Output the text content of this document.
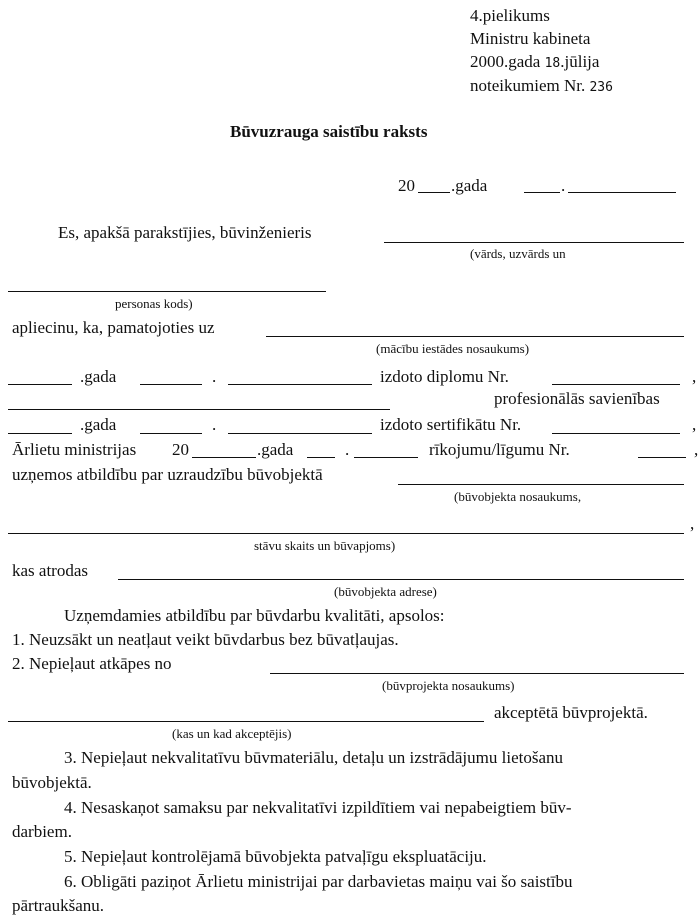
4.pielikums
Ministru kabineta
2000.gada 18.jūlija
noteikumiem Nr. 236
Būvuzrauga saistību raksts
20 .gada	.
Es, apakšā parakstījies, būvinženieris
(vārds, uzvārds un
personas kods)
apliecinu, ka, pamatojoties uz
(mācību iestādes nosaukums)
.gada	.	izdoto diplomu Nr.	,
profesionālās savienības
.gada	.	izdoto sertifikātu Nr.	,
Ārlietu ministrijas 20	.gada	.	rīkojumu/līgumu Nr.	,
uzņemos atbildību par uzraudzību būvobjektā
(būvobjekta nosaukums,
,
stāvu skaits un būvapjoms)
kas atrodas
(būvobjekta adrese)
Uzņemdamies atbildību par būvdarbu kvalitāti, apsolos:
1. Neuzsākt un neatļaut veikt būvdarbus bez būvatļaujas.
2. Nepieļaut atkāpes no
(būvprojekta nosaukums)
akceptētā būvprojektā.
(kas un kad akceptējis)
3. Nepieļaut nekvalitatīvu būvmateriālu, detaļu un izstrādājumu lietošanu
būvobjektā.
4. Nesaskaņot samaksu par nekvalitatīvi izpildītiem vai nepabeigtiem būv-
darbiem.
5. Nepieļaut kontrolējamā būvobjekta patvaļīgu ekspluatāciju.
6. Obligāti paziņot Ārlietu ministrijai par darbavietas maiņu vai šo saistību
pārtraukšanu.
